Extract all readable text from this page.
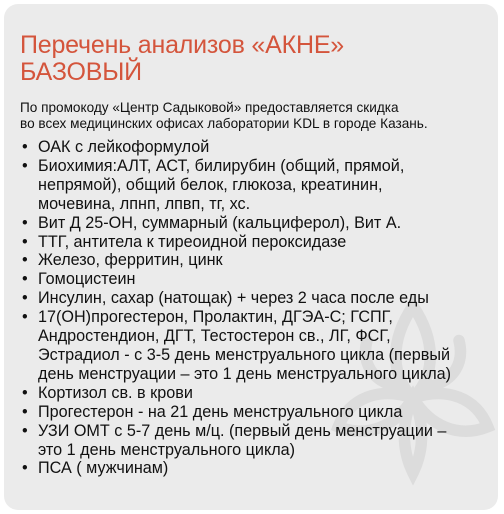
Перечень анализов «АКНЕ»
БАЗОВЫЙ
По промокоду «Центр Садыковой» предоставляется скидка
во всех медицинских офисах лаборатории KDL в городе Казань.
• ОАК с лейкоформулой
• Биохимия:АЛТ, АСТ, билирубин (общий, прямой,
непрямой), общий белок, глюкоза, креатинин,
мочевина, лпнп, лпвп, тг, хс.
• Вит Д 25-ОН, суммарный (кальциферол), Вит А.
• ТТГ, антитела к тиреоидной пероксидазе
• Железо, ферритин, цинк
• Гомоцистеин
• Инсулин, сахар (натощак) + через 2 часа после еды
• 17(ОН)прогестерон, Пролактин, ДГЭА-С; ГСПГ,
Андростендион, ДГТ, Тестостерон св., ЛГ, ФСГ,
Эстрадиол - с 3-5 день менструального цикла (первый
день менструации – это 1 день менструального цикла)
• Кортизол св. в крови
• Прогестерон - на 21 день менструального цикла
• УЗИ ОМТ с 5-7 день м/ц. (первый день менструации –
это 1 день менструального цикла)
• ПСА ( мужчинам)
